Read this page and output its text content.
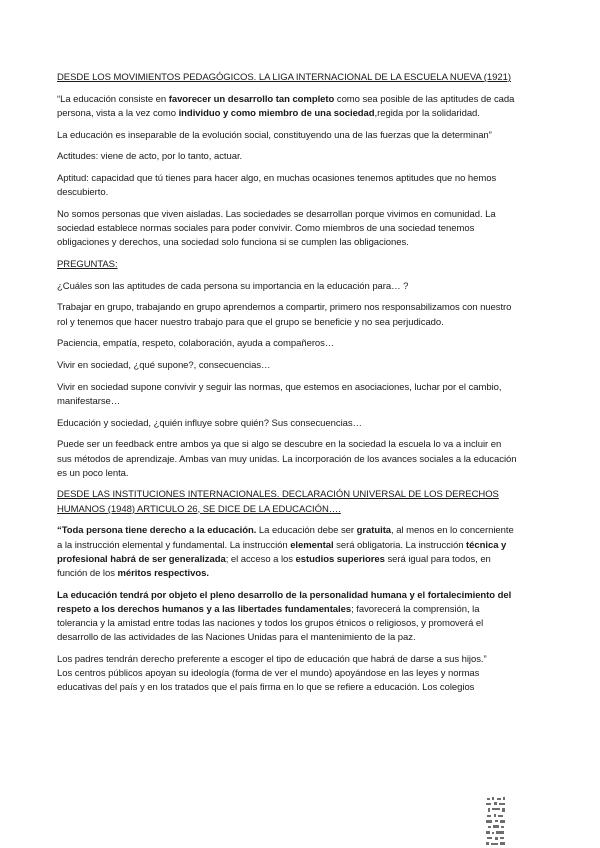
DESDE LOS MOVIMIENTOS PEDAGÓGICOS. LA LIGA INTERNACIONAL DE LA ESCUELA NUEVA (1921)

“La educación consiste en favorecer un desarrollo tan completo como sea posible de las aptitudes de cada persona, vista a la vez como individuo y como miembro de una sociedad,regida por la solidaridad.

La educación es inseparable de la evolución social, constituyendo una de las fuerzas que la determinan”

Actitudes: viene de acto, por lo tanto, actuar.

Aptitud: capacidad que tú tienes para hacer algo, en muchas ocasiones tenemos aptitudes que no hemos descubierto.

No somos personas que viven aisladas. Las sociedades se desarrollan porque vivimos en comunidad. La sociedad establece normas sociales para poder convivir. Como miembros de una sociedad tenemos obligaciones y derechos, una sociedad solo funciona si se cumplen las obligaciones.

PREGUNTAS:

¿Cuáles son las aptitudes de cada persona su importancia en la educación para… ?

Trabajar en grupo, trabajando en grupo aprendemos a compartir, primero nos responsabilizamos con nuestro rol y tenemos que hacer nuestro trabajo para que el grupo se beneficie y no sea perjudicado.

Paciencia, empatía, respeto, colaboración, ayuda a compañeros…

Vivir en sociedad, ¿qué supone?, consecuencias…

Vivir en sociedad supone convivir y seguir las normas, que estemos en asociaciones, luchar por el cambio, manifestarse…

Educación y sociedad, ¿quién influye sobre quién? Sus consecuencias…

Puede ser un feedback entre ambos ya que si algo se descubre en la sociedad la escuela lo va a incluir en sus métodos de aprendizaje. Ambas van muy unidas. La incorporación de los avances sociales a la educación es un poco lenta.

DESDE LAS INSTITUCIONES INTERNACIONALES. DECLARACIÓN UNIVERSAL DE LOS DERECHOS HUMANOS (1948) ARTICULO 26, SE DICE DE LA EDUCACIÓN….

“Toda persona tiene derecho a la educación. La educación debe ser gratuita, al menos en lo concerniente a la instrucción elemental y fundamental. La instrucción elemental será obligatoria. La instrucción técnica y profesional habrá de ser generalizada; el acceso a los estudios superiores será igual para todos, en función de los méritos respectivos.

La educación tendrá por objeto el pleno desarrollo de la personalidad humana y el fortalecimiento del respeto a los derechos humanos y a las libertades fundamentales; favorecerá la comprensión, la tolerancia y la amistad entre todas las naciones y todos los grupos étnicos o religiosos, y promoverá el desarrollo de las actividades de las Naciones Unidas para el mantenimiento de la paz.

Los padres tendrán derecho preferente a escoger el tipo de educación que habrá de darse a sus hijos.”

Los centros públicos apoyan su ideología (forma de ver el mundo) apoyándose en las leyes y normas educativas del país y en los tratados que el país firma en lo que se refiere a educación. Los colegios
